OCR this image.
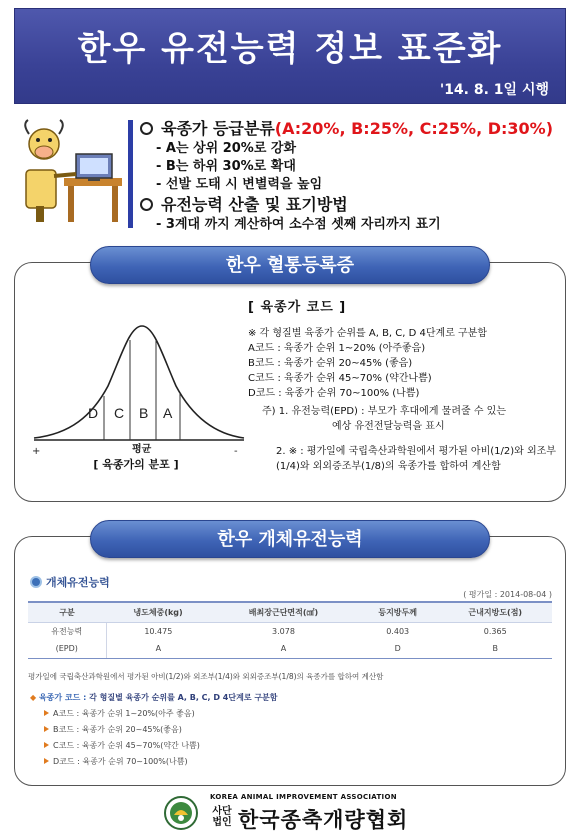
한우 유전능력 정보 표준화
'14. 8. 1일 시행
육종가 등급분류(A:20%, B:25%, C:25%, D:30%)
- A는 상위 20%로 강화
- B는 하위 30%로 확대
- 선발 도태 시 변별력을 높임
유전능력 산출 및 표기방법
- 3계대 까지 계산하여 소수점 셋째 자리까지 표기
한우 혈통등록증
D C B A
+	평균	-
[ 육종가의 분포 ]
[ 육종가 코드 ]
※ 각 형질별 육종가 순위를 A, B, C, D 4단계로 구분함
A코드 : 육종가 순위 1~20% (아주좋음)
B코드 : 육종가 순위 20~45% (좋음)
C코드 : 육종가 순위 45~70% (약간나쁨)
D코드 : 육종가 순위 70~100% (나쁨)
주) 1. 유전능력(EPD) : 부모가 후대에게 물려줄 수 있는
예상 유전전달능력을 표시
2. ※ : 평가일에 국립축산과학원에서 평가된 아비(1/2)와 외조부(1/4)와 외외증조부(1/8)의 육종가를 합하여 계산함
한우 개체유전능력
개체유전능력
( 평가일 : 2014-08-04 )
구분	냉도체중(kg)	배최장근단면적(㎠)	등지방두께	근내지방도(점)
유전능력	10.475	3.078	0.403	0.365
(EPD)	A	A	D	B
평가일에 국립축산과학원에서 평가된 아비(1/2)와 외조부(1/4)와 외외증조부(1/8)의 육종가를 합하여 계산함
◆ 육종가 코드 : 각 형질별 육종가 순위를 A, B, C, D 4단계로 구분함
A코드 : 육종가 순위 1~20%(아주 좋음)
B코드 : 육종가 순위 20~45%(좋음)
C코드 : 육종가 순위 45~70%(약간 나쁨)
D코드 : 육종가 순위 70~100%(나쁨)
KOREA ANIMAL IMPROVEMENT ASSOCIATION
사단
법인 한국종축개량협회
